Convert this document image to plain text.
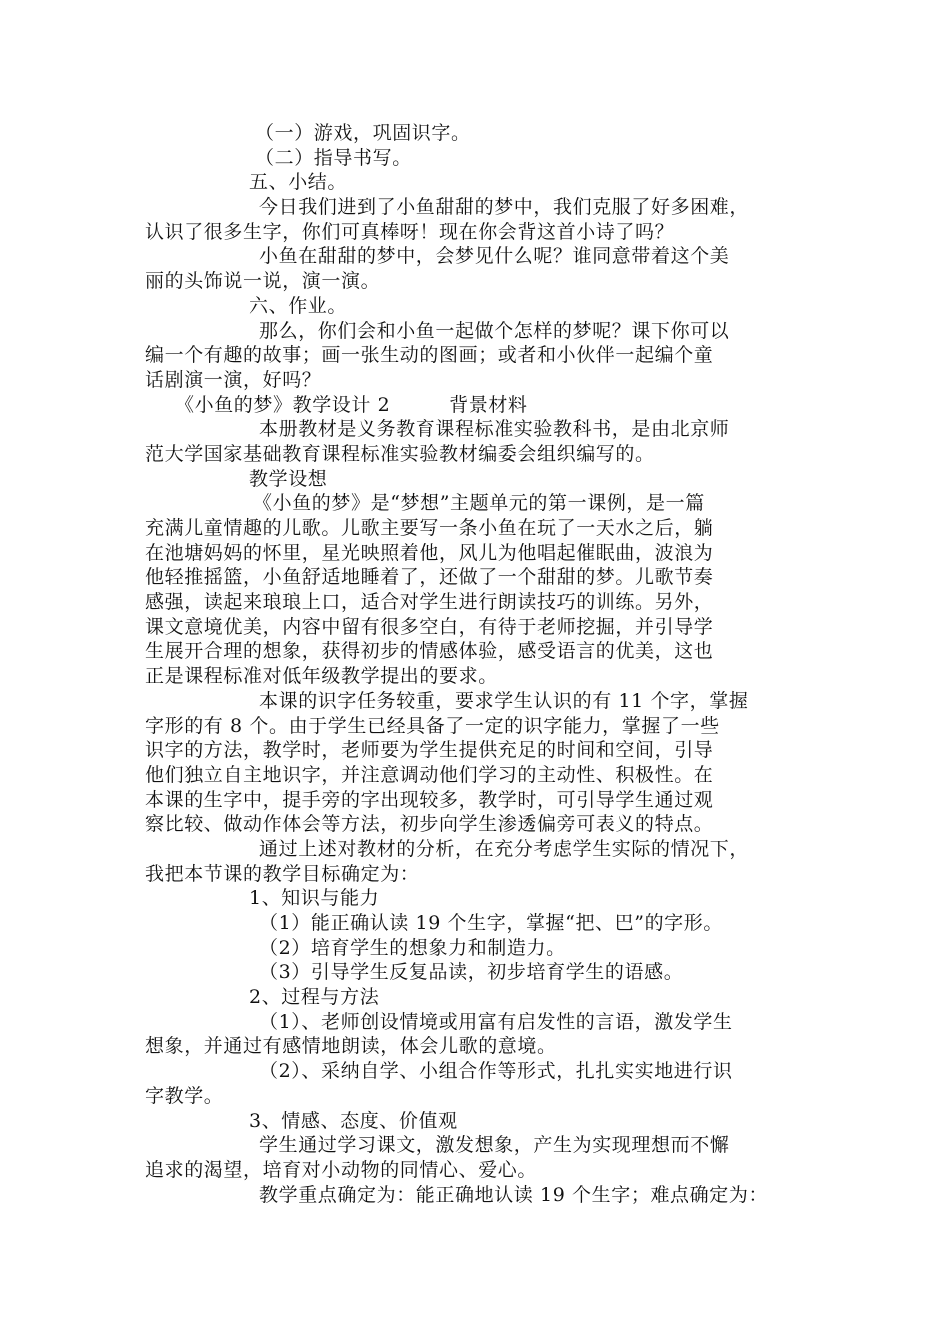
（一）游戏，巩固识字。
（二）指导书写。
五、小结。
今日我们进到了小鱼甜甜的梦中，我们克服了好多困难，
认识了很多生字，你们可真棒呀！现在你会背这首小诗了吗？
小鱼在甜甜的梦中，会梦见什么呢？谁同意带着这个美
丽的头饰说一说，演一演。
六、作业。
那么，你们会和小鱼一起做个怎样的梦呢？课下你可以
编一个有趣的故事；画一张生动的图画；或者和小伙伴一起编个童
话剧演一演，好吗？
《小鱼的梦》教学设计 2　　　背景材料
本册教材是义务教育课程标准实验教科书，是由北京师
范大学国家基础教育课程标准实验教材编委会组织编写的。
教学设想
《小鱼的梦》是“梦想”主题单元的第一课例，是一篇
充满儿童情趣的儿歌。儿歌主要写一条小鱼在玩了一天水之后，躺
在池塘妈妈的怀里，星光映照着他，风儿为他唱起催眠曲，波浪为
他轻推摇篮，小鱼舒适地睡着了，还做了一个甜甜的梦。儿歌节奏
感强，读起来琅琅上口，适合对学生进行朗读技巧的训练。另外，
课文意境优美，内容中留有很多空白，有待于老师挖掘，并引导学
生展开合理的想象，获得初步的情感体验，感受语言的优美，这也
正是课程标准对低年级教学提出的要求。
本课的识字任务较重，要求学生认识的有 11 个字，掌握
字形的有 8 个。由于学生已经具备了一定的识字能力，掌握了一些
识字的方法，教学时，老师要为学生提供充足的时间和空间，引导
他们独立自主地识字，并注意调动他们学习的主动性、积极性。在
本课的生字中，提手旁的字出现较多，教学时，可引导学生通过观
察比较、做动作体会等方法，初步向学生渗透偏旁可表义的特点。
通过上述对教材的分析，在充分考虑学生实际的情况下，
我把本节课的教学目标确定为：
1、知识与能力
（1）能正确认读 19 个生字，掌握“把、巴”的字形。
（2）培育学生的想象力和制造力。
（3）引导学生反复品读，初步培育学生的语感。
2、过程与方法
（1）、老师创设情境或用富有启发性的言语，激发学生
想象，并通过有感情地朗读，体会儿歌的意境。
（2）、采纳自学、小组合作等形式，扎扎实实地进行识
字教学。
3、情感、态度、价值观
学生通过学习课文，激发想象，产生为实现理想而不懈
追求的渴望，培育对小动物的同情心、爱心。
教学重点确定为：能正确地认读 19 个生字；难点确定为：
